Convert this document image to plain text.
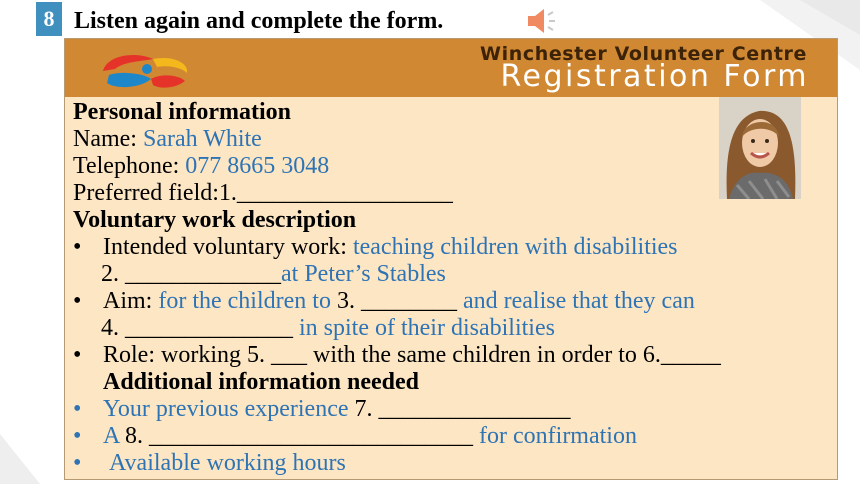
8 Listen again and complete the form.
Winchester Volunteer Centre
Registration Form
Personal information
Name: Sarah White
Telephone: 077 8665 3048
Preferred field:1.__________________
Voluntary work description
• Intended voluntary work: teaching children with disabilities
2. _____________at Peter’s Stables
• Aim: for the children to 3. ________ and realise that they can
4. ______________ in spite of their disabilities
• Role: working 5. ___ with the same children in order to 6._____
Additional information needed
• Your previous experience 7. ________________
• A 8. ___________________________ for confirmation
• Available working hours
